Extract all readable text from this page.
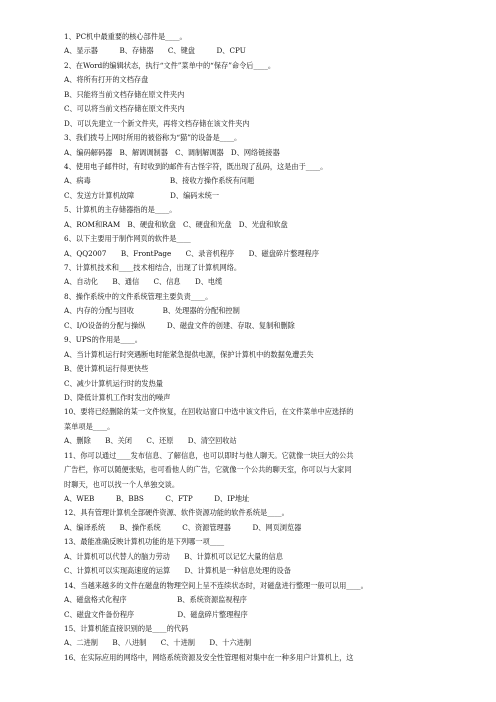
1、PC机中最重要的核心部件是____。
A、显示器　　　B、存储器　　C、键盘　　　D、CPU
2、在Word的编辑状态，执行“文件”菜单中的“保存”命令后____。
A、将所有打开的文档存盘
B、只能将当前文档存储在原文件夹内
C、可以将当前文档存储在原文件夹内
D、可以先建立一个新文件夹，再将文档存储在该文件夹内
3、我们拨号上网时所用的被俗称为“猫”的设备是____。
A、编码解码器　B、解调调制器　C、调制解调器　D、网络链接器
4、使用电子邮件时，有时收到的邮件有古怪字符，既出现了乱码，这是由于____。
A、病毒　　　　　　　　　　　B、接收方操作系统有问题
C、发送方计算机故障　　　　　D、编码未统一
5、计算机的主存储器指的是____。
A、ROM和RAM　B、硬盘和软盘　C、硬盘和光盘　D、光盘和软盘
6、以下主要用于制作网页的软件是____
A、QQ2007　　B、FrontPage　　C、录音机程序　　D、磁盘碎片整理程序
7、计算机技术和____技术相结合，出现了计算机网络。
A、自动化　　B、通信　　C、信息　　D、电缆
8、操作系统中的文件系统管理主要负责____。
A、内存的分配与回收　　　　B、处理器的分配和控制
C、I/O设备的分配与操纵　　　D、磁盘文件的创建、存取、复制和删除
9、UPS的作用是____。
A、当计算机运行时突遇断电时能紧急提供电源，保护计算机中的数据免遭丢失
B、使计算机运行得更快些
C、减少计算机运行时的发热量
D、降低计算机工作时发出的噪声
10、要将已经删除的某一文件恢复，在回收站窗口中选中该文件后，在文件菜单中应选择的
菜单项是____。
A、删除　　B、关闭　　C、还原　　D、清空回收站
11、你可以通过____发布信息、了解信息，也可以即时与他人聊天。它就像一块巨大的公共
广告栏，你可以随便张贴，也可看他人的广告，它就像一个公共的聊天室，你可以与大家同
时聊天，也可以找一个人单独交谈。
A、WEB　　　B、BBS　　　C、FTP　　　D、IP地址
12、具有管理计算机全部硬件资源、软件资源功能的软件系统是____。
A、编译系统　　B、操作系统　　　C、资源管理器　　　D、网页浏览器
13、最能准确反映计算机功能的是下列哪一项____
A、计算机可以代替人的脑力劳动　　B、计算机可以记忆大量的信息
C、计算机可以实现高速度的运算　　D、计算机是一种信息处理的设备
14、当越来越多的文件在磁盘的物理空间上呈不连续状态时，对磁盘进行整理一般可以用____。
A、磁盘格式化程序　　　　　　　B、系统资源监视程序
C、磁盘文件备份程序　　　　　　D、磁盘碎片整理程序
15、计算机能直接识别的是____的代码
A、二进制　　B、八进制　　C、十进制　　D、十六进制
16、在实际应用的网络中，网络系统资源及安全性管理相对集中在一种多用户计算机上，这
